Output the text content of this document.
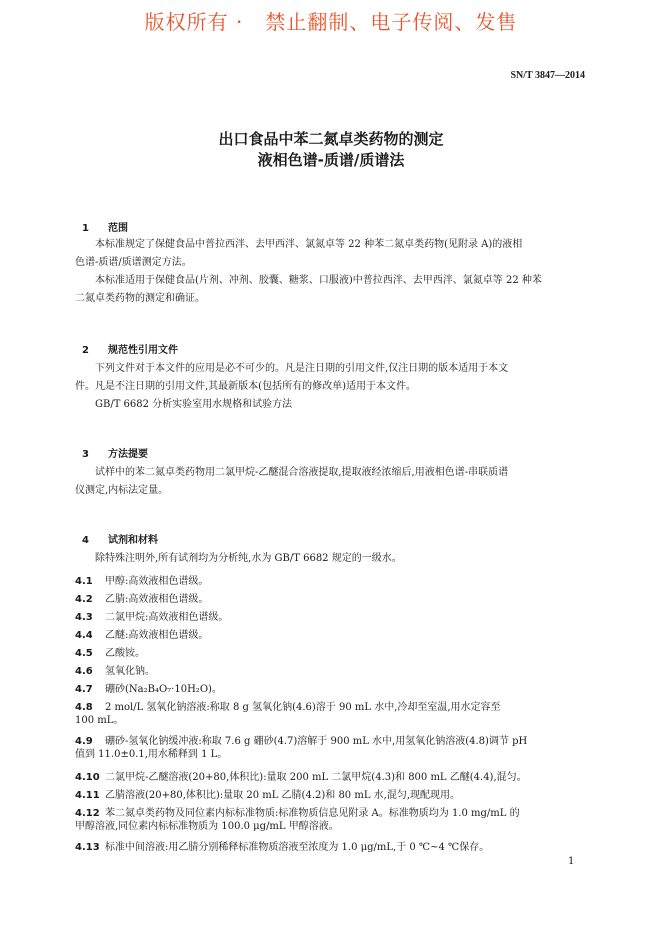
版权所有 ·   禁止翻制、电子传阅、发售
SN/T 3847—2014
出口食品中苯二氮卓类药物的测定
液相色谱-质谱/质谱法

1 范围

本标准规定了保健食品中普拉西泮、去甲西泮、氯氮卓等 22 种苯二氮卓类药物(见附录 A)的液相
色谱-质谱/质谱测定方法。
本标准适用于保健食品(片剂、冲剂、胶囊、糖浆、口服液)中普拉西泮、去甲西泮、氯氮卓等 22 种苯
二氮卓类药物的测定和确证。

2 规范性引用文件

下列文件对于本文件的应用是必不可少的。凡是注日期的引用文件,仅注日期的版本适用于本文
件。凡是不注日期的引用文件,其最新版本(包括所有的修改单)适用于本文件。
GB/T 6682 分析实验室用水规格和试验方法

3 方法提要

试样中的苯二氮卓类药物用二氯甲烷-乙醚混合溶液提取,提取液经浓缩后,用液相色谱-串联质谱
仪测定,内标法定量。

4 试剂和材料

除特殊注明外,所有试剂均为分析纯,水为 GB/T 6682 规定的一级水。
4.1 甲醇:高效液相色谱级。
4.2 乙腈:高效液相色谱级。
4.3 二氯甲烷:高效液相色谱级。
4.4 乙醚:高效液相色谱级。
4.5 乙酸铵。
4.6 氢氧化钠。
4.7 硼砂(Na₂B₄O₇·10H₂O)。
4.8 2 mol/L 氢氧化钠溶液:称取 8 g 氢氧化钠(4.6)溶于 90 mL 水中,冷却至室温,用水定容至
100 mL。
4.9 硼砂-氢氧化钠缓冲液:称取 7.6 g 硼砂(4.7)溶解于 900 mL 水中,用氢氧化钠溶液(4.8)调节 pH
值到 11.0±0.1,用水稀释到 1 L。
4.10 二氯甲烷-乙醚溶液(20+80,体积比):量取 200 mL 二氯甲烷(4.3)和 800 mL 乙醚(4.4),混匀。
4.11 乙腈溶液(20+80,体积比):量取 20 mL 乙腈(4.2)和 80 mL 水,混匀,现配现用。
4.12 苯二氮卓类药物及同位素内标标准物质:标准物质信息见附录 A。标准物质均为 1.0 mg/mL 的
甲醇溶液,同位素内标标准物质为 100.0 μg/mL 甲醇溶液。
4.13 标准中间溶液:用乙腈分别稀释标准物质溶液至浓度为 1.0 μg/mL,于 0 ℃~4 ℃保存。
1
